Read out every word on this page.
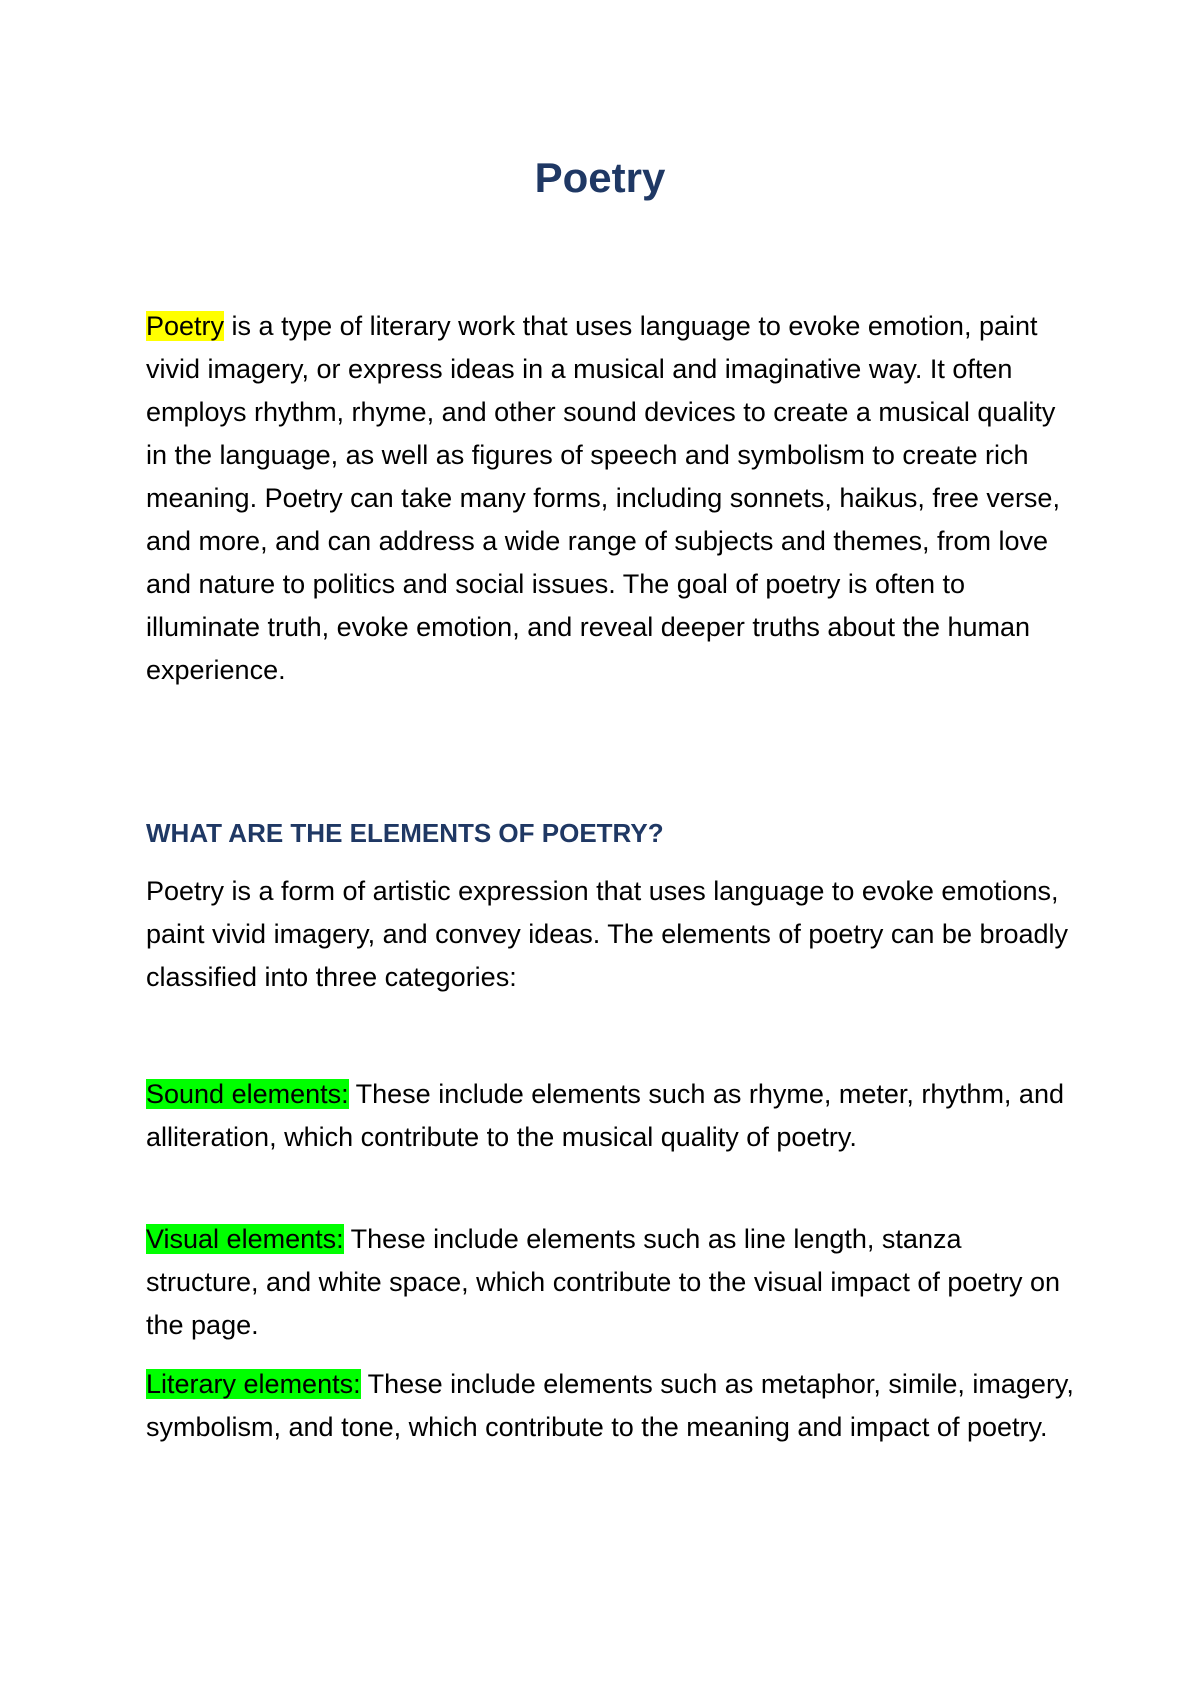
Poetry

Poetry is a type of literary work that uses language to evoke emotion, paint vivid imagery, or express ideas in a musical and imaginative way. It often employs rhythm, rhyme, and other sound devices to create a musical quality in the language, as well as figures of speech and symbolism to create rich meaning. Poetry can take many forms, including sonnets, haikus, free verse, and more, and can address a wide range of subjects and themes, from love and nature to politics and social issues. The goal of poetry is often to illuminate truth, evoke emotion, and reveal deeper truths about the human experience.

WHAT ARE THE ELEMENTS OF POETRY?

Poetry is a form of artistic expression that uses language to evoke emotions, paint vivid imagery, and convey ideas. The elements of poetry can be broadly classified into three categories:

Sound elements: These include elements such as rhyme, meter, rhythm, and alliteration, which contribute to the musical quality of poetry.

Visual elements: These include elements such as line length, stanza structure, and white space, which contribute to the visual impact of poetry on the page.

Literary elements: These include elements such as metaphor, simile, imagery, symbolism, and tone, which contribute to the meaning and impact of poetry.
